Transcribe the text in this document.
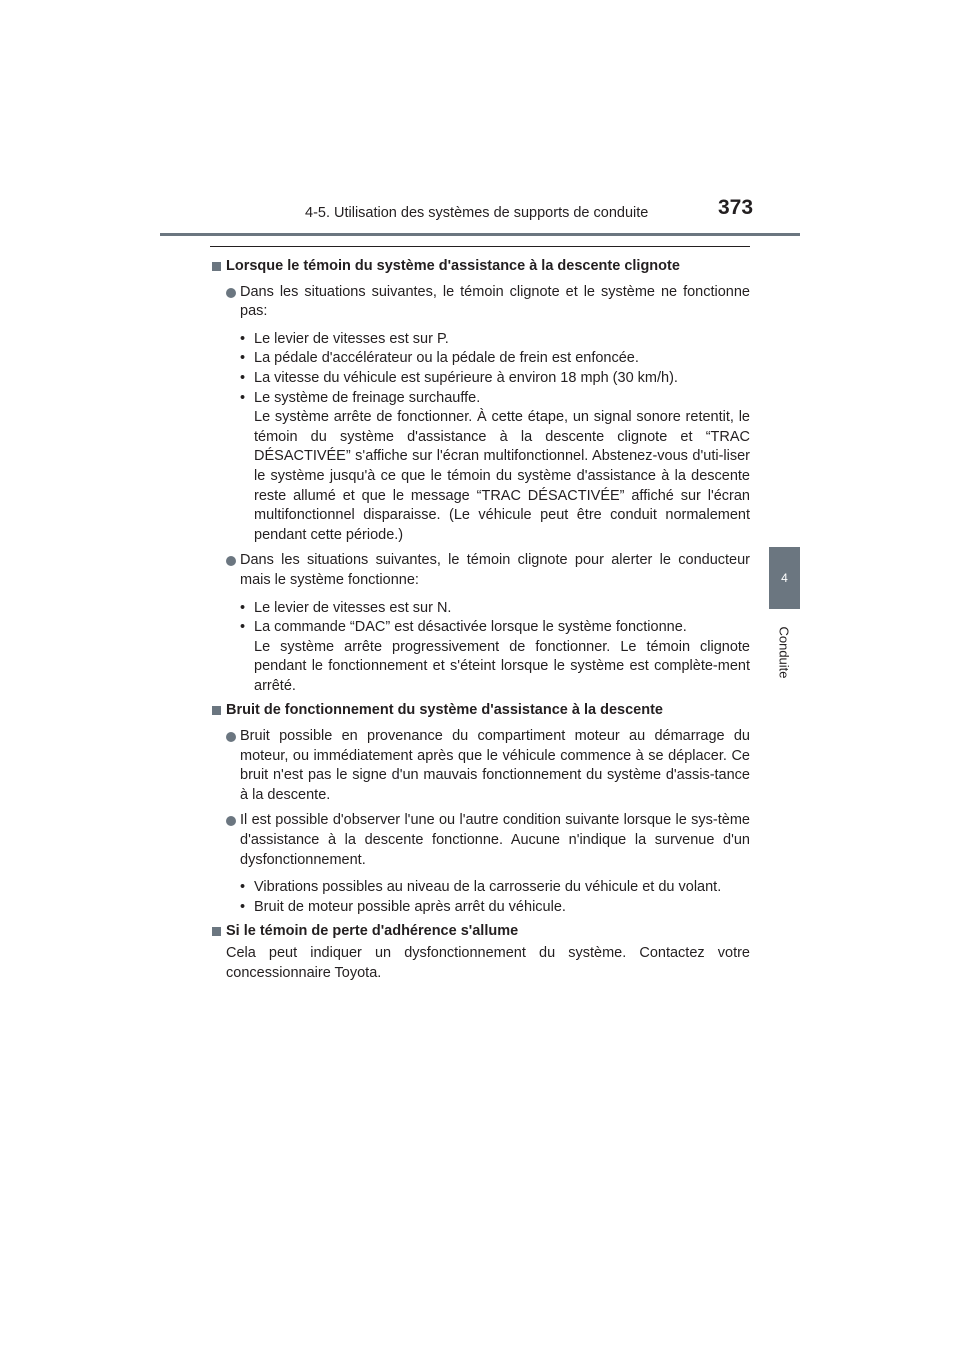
4-5. Utilisation des systèmes de supports de conduite	373
4
Conduite
Lorsque le témoin du système d'assistance à la descente clignote
Dans les situations suivantes, le témoin clignote et le système ne fonctionne pas:
• Le levier de vitesses est sur P.
• La pédale d'accélérateur ou la pédale de frein est enfoncée.
• La vitesse du véhicule est supérieure à environ 18 mph (30 km/h).
• Le système de freinage surchauffe.
Le système arrête de fonctionner. À cette étape, un signal sonore retentit, le témoin du système d'assistance à la descente clignote et “TRAC DÉSACTIVÉE” s'affiche sur l'écran multifonctionnel. Abstenez-vous d'uti-liser le système jusqu'à ce que le témoin du système d'assistance à la descente reste allumé et que le message “TRAC DÉSACTIVÉE” affiché sur l'écran multifonctionnel disparaisse. (Le véhicule peut être conduit normalement pendant cette période.)
Dans les situations suivantes, le témoin clignote pour alerter le conducteur mais le système fonctionne:
• Le levier de vitesses est sur N.
• La commande “DAC” est désactivée lorsque le système fonctionne.
Le système arrête progressivement de fonctionner. Le témoin clignote pendant le fonctionnement et s'éteint lorsque le système est complète-ment arrêté.
Bruit de fonctionnement du système d'assistance à la descente
Bruit possible en provenance du compartiment moteur au démarrage du moteur, ou immédiatement après que le véhicule commence à se déplacer. Ce bruit n'est pas le signe d'un mauvais fonctionnement du système d'assis-tance à la descente.
Il est possible d'observer l'une ou l'autre condition suivante lorsque le sys-tème d'assistance à la descente fonctionne. Aucune n'indique la survenue d'un dysfonctionnement.
• Vibrations possibles au niveau de la carrosserie du véhicule et du volant.
• Bruit de moteur possible après arrêt du véhicule.
Si le témoin de perte d'adhérence s'allume
Cela peut indiquer un dysfonctionnement du système. Contactez votre concessionnaire Toyota.
